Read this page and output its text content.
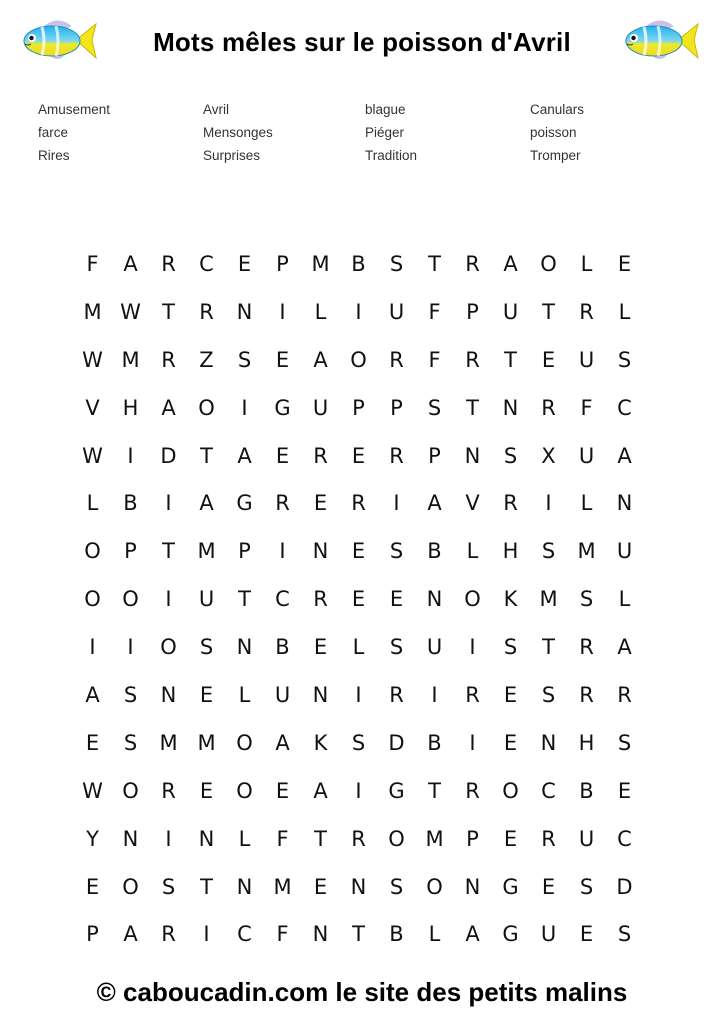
Mots mêles sur le poisson d'Avril
Amusement	Avril	blague	Canulars
farce	Mensonges	Piéger	poisson
Rires	Surprises	Tradition	Tromper
F	A	R	C	E	P	M B	S	T	R	A	O	L	E
M W T	R	N	I	L	I	U	F	P	U	T	R	L
W M R	Z	S	E	A	O	R	F	R	T	E	U	S
V	H	A	O	I	G	U	P	P	S	T	N	R	F	C
W	I	D	T	A	E	R	E	R	P	N	S	X	U	A
L	B	I	A	G	R	E	R	I	A	V	R	I	L	N
O	P	T	M	P	I	N	E	S	B	L	H	S	M U
O O	I	U	T	C	R	E	E	N O	K	M	S	L
I	I	O	S	N	B	E	L	S	U	I	S	T	R	A
A	S	N	E	L	U	N	I	R	I	R	E	S	R	R
E	S	M M O	A	K	S	D	B	I	E	N	H	S
W O	R	E	O	E	A	I	G	T	R	O	C	B	E
Y	N	I	N	L	F	T	R	O M	P	E	R	U	C
E	O	S	T	N M	E	N	S	O N	G	E	S	D
P	A	R	I	C	F	N	T	B	L	A	G	U	E	S
© caboucadin.com le site des petits malins
